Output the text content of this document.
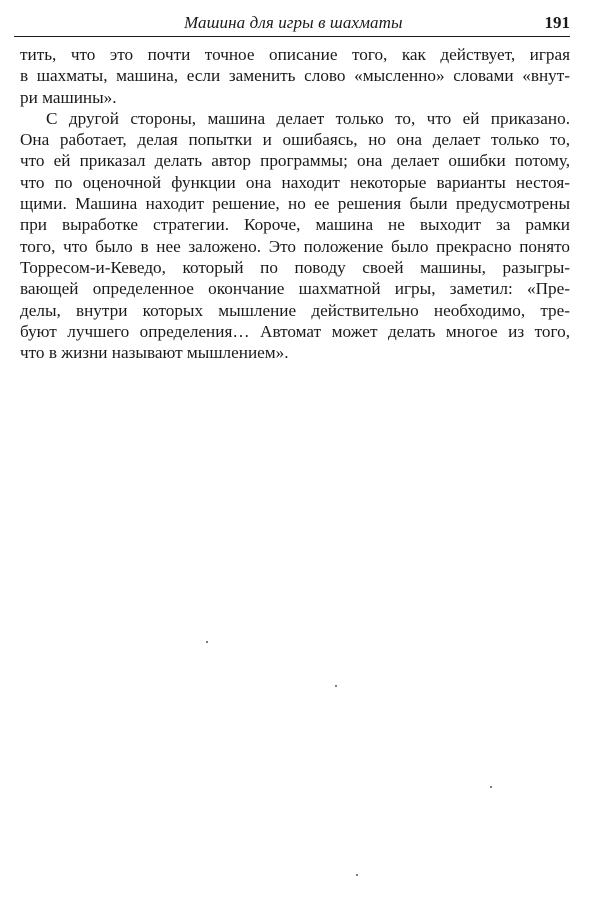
Машина для игры в шахматы	191
тить, что это почти точное описание того, как действует, играя
в шахматы, машина, если заменить слово «мысленно» словами «внут-
ри машины».
С другой стороны, машина делает только то, что ей приказано.
Она работает, делая попытки и ошибаясь, но она делает только то,
что ей приказал делать автор программы; она делает ошибки потому,
что по оценочной функции она находит некоторые варианты нестоя-
щими. Машина находит решение, но ее решения были предусмотрены
при выработке стратегии. Короче, машина не выходит за рамки
того, что было в нее заложено. Это положение было прекрасно понято
Торресом-и-Кеведо, который по поводу своей машины, разыгры-
вающей определенное окончание шахматной игры, заметил: «Пре-
делы, внутри которых мышление действительно необходимо, тре-
буют лучшего определения… Автомат может делать многое из того,
что в жизни называют мышлением».
